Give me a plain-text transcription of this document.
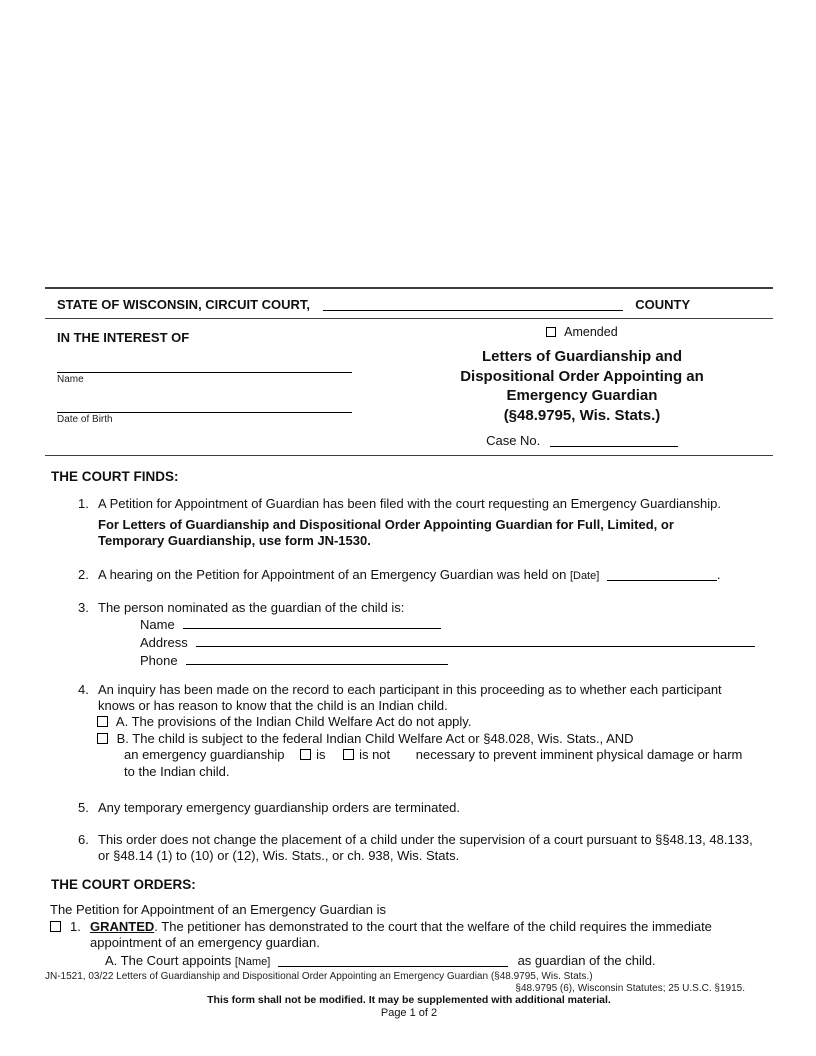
STATE OF WISCONSIN, CIRCUIT COURT,	COUNTY
IN THE INTEREST OF
Name
Date of Birth
Amended
Letters of Guardianship and
Dispositional Order Appointing an
Emergency Guardian
(§48.9795, Wis. Stats.)
Case No.
THE COURT FINDS:
1. A Petition for Appointment of Guardian has been filed with the court requesting an Emergency Guardianship.
For Letters of Guardianship and Dispositional Order Appointing Guardian for Full, Limited, or Temporary Guardianship, use form JN-1530.
2. A hearing on the Petition for Appointment of an Emergency Guardian was held on [Date]	.
3. The person nominated as the guardian of the child is:
Name
Address
Phone
4. An inquiry has been made on the record to each participant in this proceeding as to whether each participant knows or has reason to know that the child is an Indian child.
A. The provisions of the Indian Child Welfare Act do not apply.
B. The child is subject to the federal Indian Child Welfare Act or §48.028, Wis. Stats., AND
an emergency guardianship is	is not necessary to prevent imminent physical damage or harm
to the Indian child.
5. Any temporary emergency guardianship orders are terminated.
6. This order does not change the placement of a child under the supervision of a court pursuant to §§48.13, 48.133, or §48.14 (1) to (10) or (12), Wis. Stats., or ch. 938, Wis. Stats.
THE COURT ORDERS:
The Petition for Appointment of an Emergency Guardian is
1. GRANTED. The petitioner has demonstrated to the court that the welfare of the child requires the immediate appointment of an emergency guardian.
A. The Court appoints [Name]	as guardian of the child.
JN-1521, 03/22 Letters of Guardianship and Dispositional Order Appointing an Emergency Guardian (§48.9795, Wis. Stats.)
§48.9795 (6), Wisconsin Statutes; 25 U.S.C. §1915.
This form shall not be modified. It may be supplemented with additional material.
Page 1 of 2
